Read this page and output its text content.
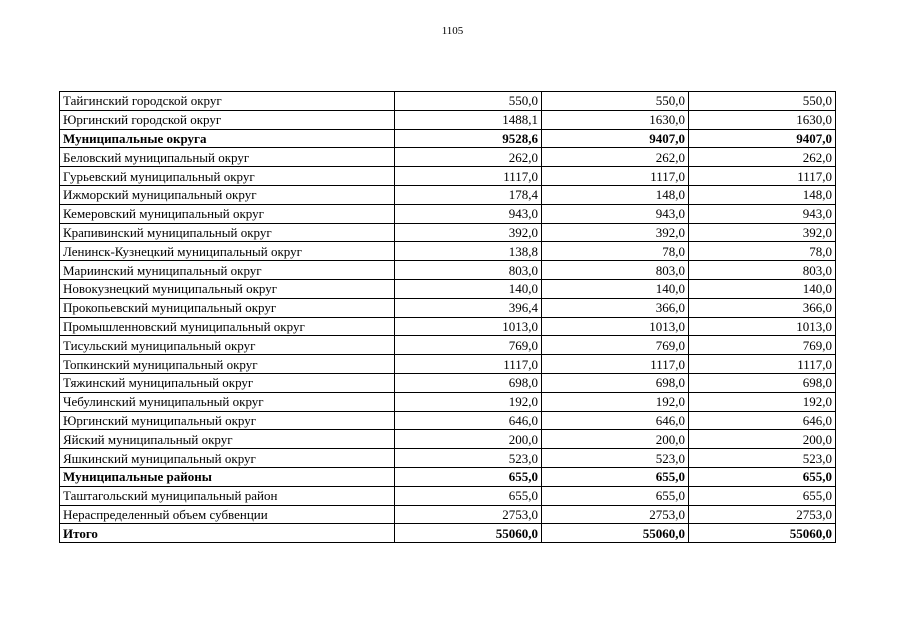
1105
Тайгинский городской округ	550,0	550,0	550,0
Юргинский городской округ	1488,1	1630,0	1630,0
Муниципальные округа	9528,6	9407,0	9407,0
Беловский муниципальный округ	262,0	262,0	262,0
Гурьевский муниципальный округ	1117,0	1117,0	1117,0
Ижморский муниципальный округ	178,4	148,0	148,0
Кемеровский муниципальный округ	943,0	943,0	943,0
Крапивинский муниципальный округ	392,0	392,0	392,0
Ленинск-Кузнецкий муниципальный округ	138,8	78,0	78,0
Мариинский муниципальный округ	803,0	803,0	803,0
Новокузнецкий муниципальный округ	140,0	140,0	140,0
Прокопьевский муниципальный округ	396,4	366,0	366,0
Промышленновский муниципальный округ	1013,0	1013,0	1013,0
Тисульский муниципальный округ	769,0	769,0	769,0
Топкинский муниципальный округ	1117,0	1117,0	1117,0
Тяжинский муниципальный округ	698,0	698,0	698,0
Чебулинский муниципальный округ	192,0	192,0	192,0
Юргинский муниципальный округ	646,0	646,0	646,0
Яйский муниципальный округ	200,0	200,0	200,0
Яшкинский муниципальный округ	523,0	523,0	523,0
Муниципальные районы	655,0	655,0	655,0
Таштагольский муниципальный район	655,0	655,0	655,0
Нераспределенный объем субвенции	2753,0	2753,0	2753,0
Итого	55060,0	55060,0	55060,0
